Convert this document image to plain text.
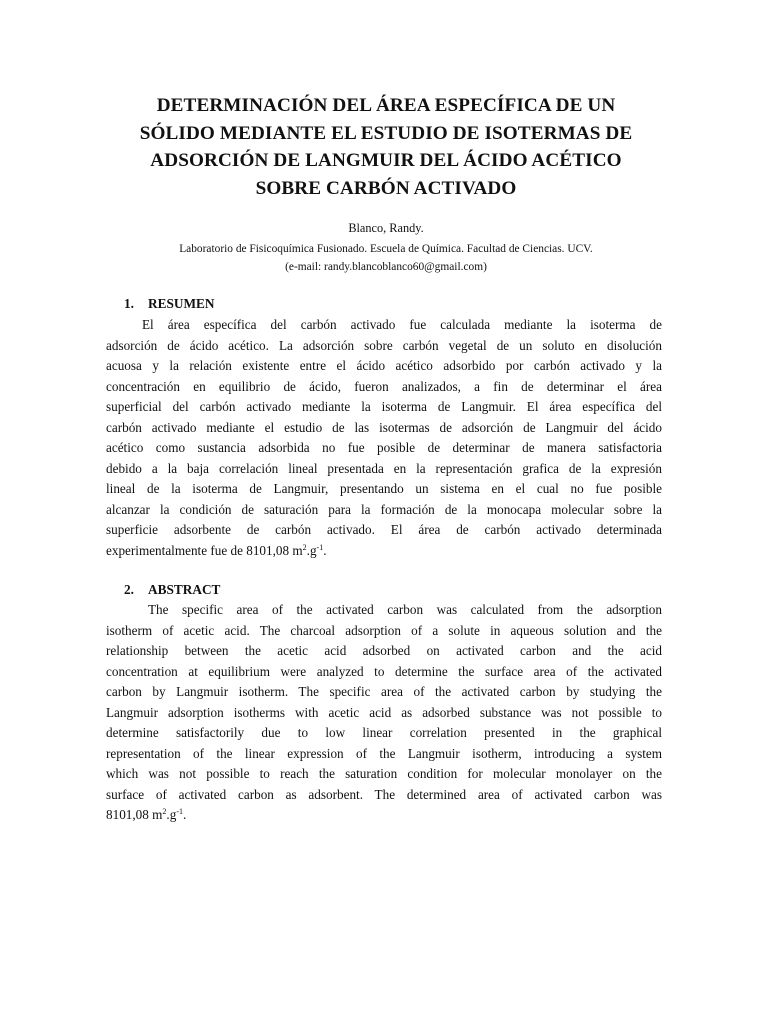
DETERMINACIÓN DEL ÁREA ESPECÍFICA DE UN
SÓLIDO MEDIANTE EL ESTUDIO DE ISOTERMAS DE
ADSORCIÓN DE LANGMUIR DEL ÁCIDO ACÉTICO
SOBRE CARBÓN ACTIVADO
Blanco, Randy.
Laboratorio de Fisicoquímica Fusionado. Escuela de Química. Facultad de Ciencias. UCV.
(e-mail: randy.blancoblanco60@gmail.com)
1. RESUMEN
El área específica del carbón activado fue calculada mediante la isoterma de
adsorción de ácido acético. La adsorción sobre carbón vegetal de un soluto en disolución
acuosa y la relación existente entre el ácido acético adsorbido por carbón activado y la
concentración en equilibrio de ácido, fueron analizados, a fin de determinar el área
superficial del carbón activado mediante la isoterma de Langmuir. El área específica del
carbón activado mediante el estudio de las isotermas de adsorción de Langmuir del ácido
acético como sustancia adsorbida no fue posible de determinar de manera satisfactoria
debido a la baja correlación lineal presentada en la representación grafica de la expresión
lineal de la isoterma de Langmuir, presentando un sistema en el cual no fue posible
alcanzar la condición de saturación para la formación de la monocapa molecular sobre la
superficie adsorbente de carbón activado. El área de carbón activado determinada
experimentalmente fue de 8101,08 $m^2.g^{-1}$.
2. ABSTRACT
The specific area of the activated carbon was calculated from the adsorption
isotherm of acetic acid. The charcoal adsorption of a solute in aqueous solution and the
relationship between the acetic acid adsorbed on activated carbon and the acid
concentration at equilibrium were analyzed to determine the surface area of the activated
carbon by Langmuir isotherm. The specific area of the activated carbon by studying the
Langmuir adsorption isotherms with acetic acid as adsorbed substance was not possible to
determine satisfactorily due to low linear correlation presented in the graphical
representation of the linear expression of the Langmuir isotherm, introducing a system
which was not possible to reach the saturation condition for molecular monolayer on the
surface of activated carbon as adsorbent. The determined area of activated carbon was
8101,08 $m^2.g^{-1}$.
